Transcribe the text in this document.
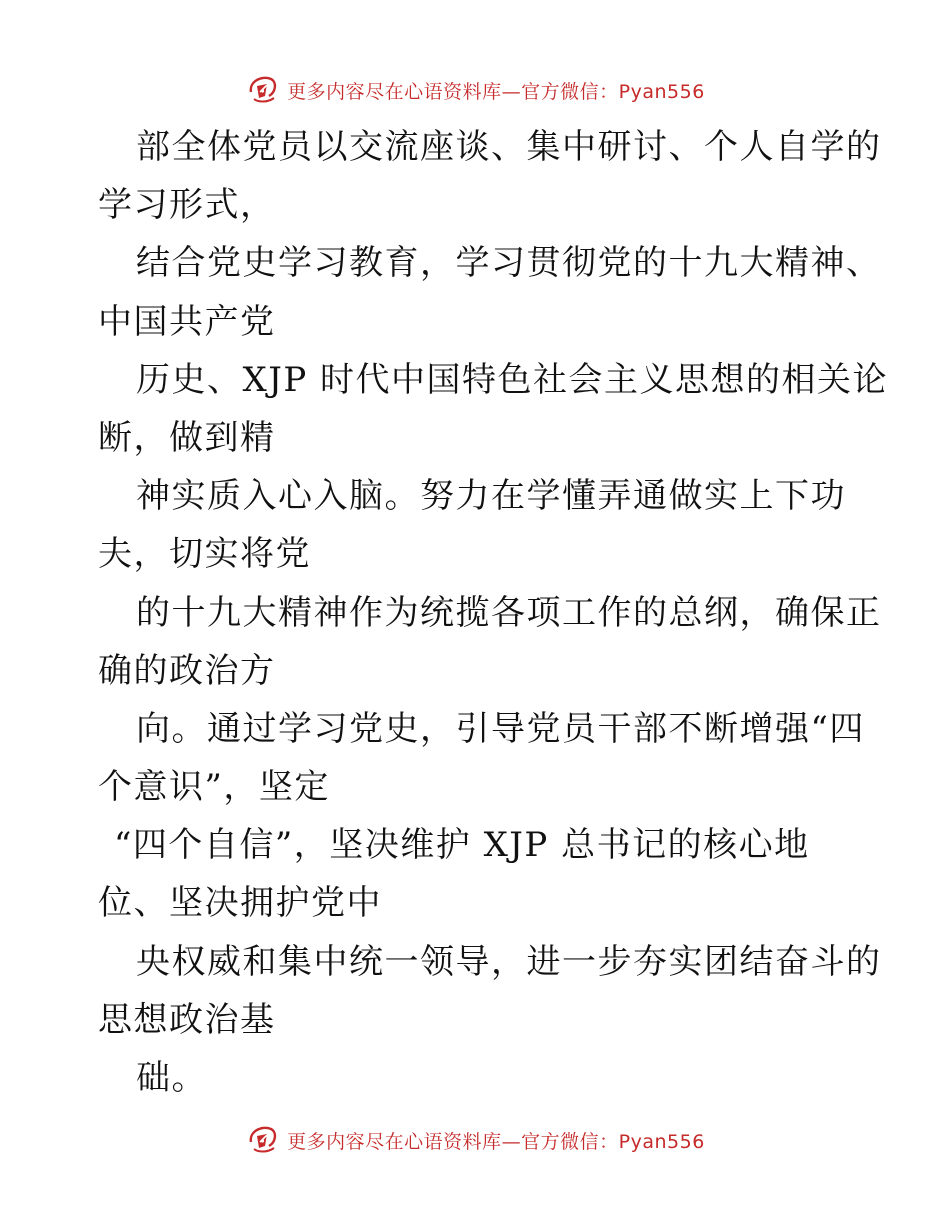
更多内容尽在心语资料库—官方微信：Pyan556
部全体党员以交流座谈、集中研讨、个人自学的
学习形式，
结合党史学习教育，学习贯彻党的十九大精神、
中国共产党
历史、XJP 时代中国特色社会主义思想的相关论
断，做到精
神实质入心入脑。努力在学懂弄通做实上下功
夫，切实将党
的十九大精神作为统揽各项工作的总纲，确保正
确的政治方
向。通过学习党史，引导党员干部不断增强“四
个意识”，坚定
“四个自信”，坚决维护 XJP 总书记的核心地
位、坚决拥护党中
央权威和集中统一领导，进一步夯实团结奋斗的
思想政治基
础。
更多内容尽在心语资料库—官方微信：Pyan556
